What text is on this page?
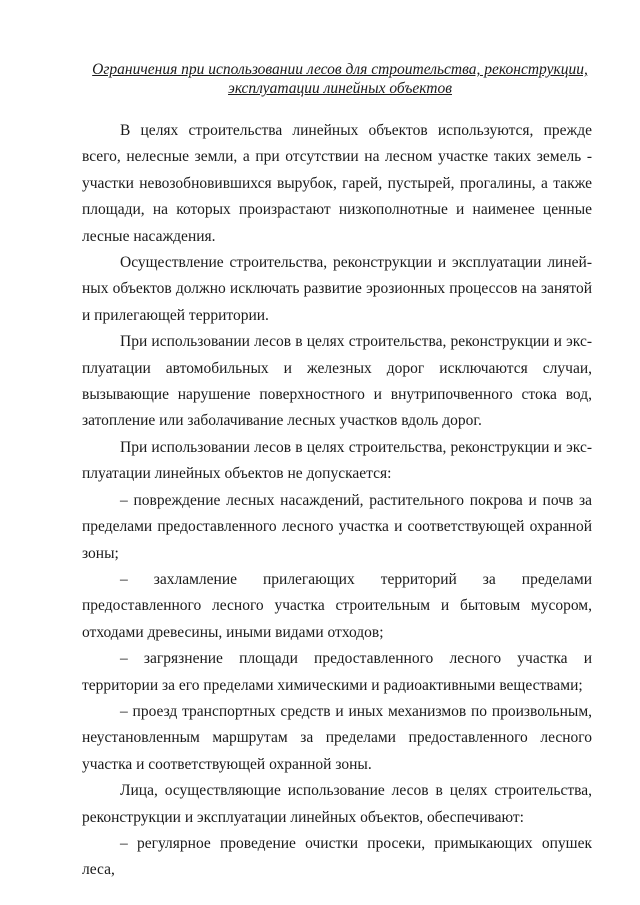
Ограничения при использовании лесов для строительства, реконструкции,
эксплуатации линейных объектов

В целях строительства линейных объектов используются, прежде всего, нелесные земли, а при отсутствии на лесном участке таких земель - участки невозобновившихся вырубок, гарей, пустырей, прогалины, а также площади, на которых произрастают низкополнотные и наименее ценные лесные насаждения.

Осуществление строительства, реконструкции и эксплуатации линейных объектов должно исключать развитие эрозионных процессов на занятой и прилегающей территории.

При использовании лесов в целях строительства, реконструкции и эксплуатации автомобильных и железных дорог исключаются случаи, вызывающие нарушение поверхностного и внутрипочвенного стока вод, затопление или заболачивание лесных участков вдоль дорог.

При использовании лесов в целях строительства, реконструкции и эксплуатации линейных объектов не допускается:

– повреждение лесных насаждений, растительного покрова и почв за пределами предоставленного лесного участка и соответствующей охранной зоны;

– захламление прилегающих территорий за пределами предоставленного лесного участка строительным и бытовым мусором, отходами древесины, иными видами отходов;

– загрязнение площади предоставленного лесного участка и территории за его пределами химическими и радиоактивными веществами;

– проезд транспортных средств и иных механизмов по произвольным, неустановленным маршрутам за пределами предоставленного лесного участка и соответствующей охранной зоны.

Лица, осуществляющие использование лесов в целях строительства, реконструкции и эксплуатации линейных объектов, обеспечивают:

– регулярное проведение очистки просеки, примыкающих опушек леса,
